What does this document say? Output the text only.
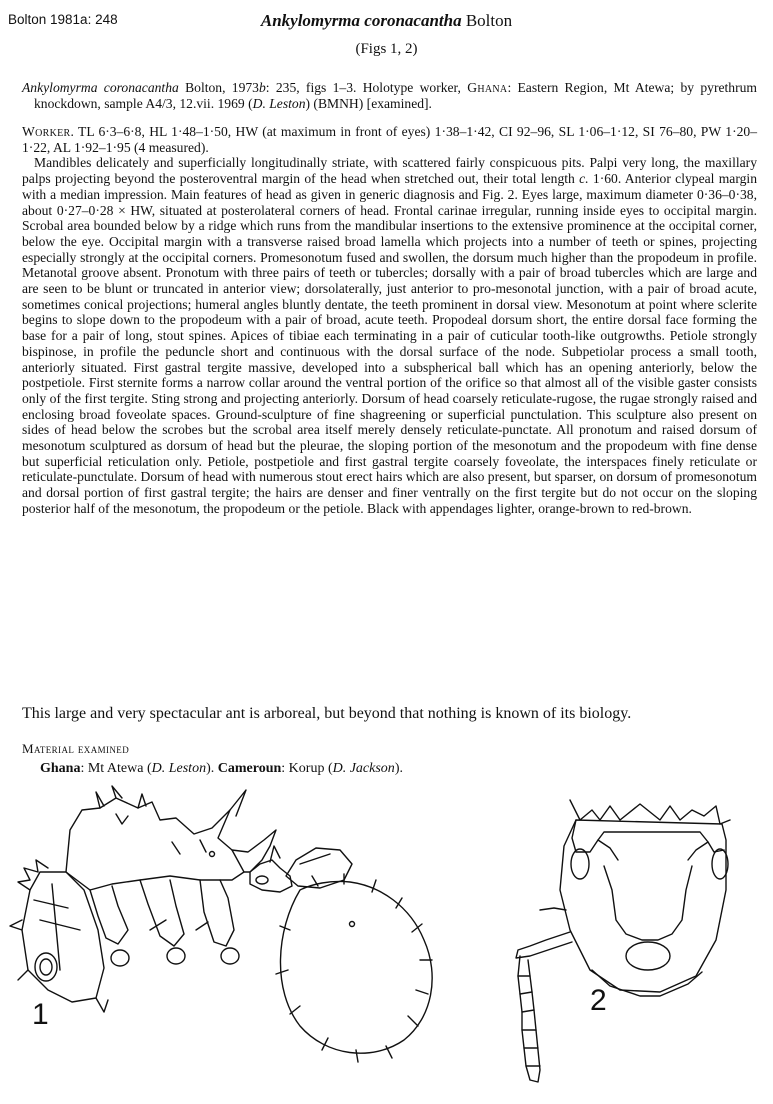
Bolton 1981a: 248	Ankylomyrma coronacantha Bolton
(Figs 1, 2)

Ankylomyrma coronacantha Bolton, 1973b: 235, figs 1–3. Holotype worker, Ghana: Eastern Region, Mt Atewa; by pyrethrum knockdown, sample A4/3, 12.vii. 1969 (D. Leston) (BMNH) [examined].

Worker. TL 6·3–6·8, HL 1·48–1·50, HW (at maximum in front of eyes) 1·38–1·42, CI 92–96, SL 1·06–1·12, SI 76–80, PW 1·20–1·22, AL 1·92–1·95 (4 measured).

Mandibles delicately and superficially longitudinally striate, with scattered fairly conspicuous pits. Palpi very long, the maxillary palps projecting beyond the posteroventral margin of the head when stretched out, their total length c. 1·60. Anterior clypeal margin with a median impression. Main features of head as given in generic diagnosis and Fig. 2. Eyes large, maximum diameter 0·36–0·38, about 0·27–0·28 × HW, situated at posterolateral corners of head. Frontal carinae irregular, running inside eyes to occipital margin. Scrobal area bounded below by a ridge which runs from the mandibular insertions to the extensive prominence at the occipital corner, below the eye. Occipital margin with a transverse raised broad lamella which projects into a number of teeth or spines, projecting especially strongly at the occipital corners. Promesonotum fused and swollen, the dorsum much higher than the propodeum in profile. Metanotal groove absent. Pronotum with three pairs of teeth or tubercles; dorsally with a pair of broad tubercles which are large and are seen to be blunt or truncated in anterior view; dorsolaterally, just anterior to pro-mesonotal junction, with a pair of broad acute, sometimes conical projections; humeral angles bluntly dentate, the teeth prominent in dorsal view. Mesonotum at point where sclerite begins to slope down to the propodeum with a pair of broad, acute teeth. Propodeal dorsum short, the entire dorsal face forming the base for a pair of long, stout spines. Apices of tibiae each terminating in a pair of cuticular tooth-like outgrowths. Petiole strongly bispinose, in profile the peduncle short and continuous with the dorsal surface of the node. Subpetiolar process a small tooth, anteriorly situated. First gastral tergite massive, developed into a subspherical ball which has an opening anteriorly, below the postpetiole. First sternite forms a narrow collar around the ventral portion of the orifice so that almost all of the visible gaster consists only of the first tergite. Sting strong and projecting anteriorly. Dorsum of head coarsely reticulate-rugose, the rugae strongly raised and enclosing broad foveolate spaces. Ground-sculpture of fine shagreening or superficial punctulation. This sculpture also present on sides of head below the scrobes but the scrobal area itself merely densely reticulate-punctate. All pronotum and raised dorsum of mesonotum sculptured as dorsum of head but the pleurae, the sloping portion of the mesonotum and the propodeum with fine dense but superficial reticulation only. Petiole, postpetiole and first gastral tergite coarsely foveolate, the interspaces finely reticulate or reticulate-punctulate. Dorsum of head with numerous stout erect hairs which are also present, but sparser, on dorsum of promesonotum and dorsal portion of first gastral tergite; the hairs are denser and finer ventrally on the first tergite but do not occur on the sloping posterior half of the mesonotum, the propodeum or the petiole. Black with appendages lighter, orange-brown to red-brown.

This large and very spectacular ant is arboreal, but beyond that nothing is known of its biology.
Material examined
Ghana: Mt Atewa (D. Leston). Cameroun: Korup (D. Jackson).
1	2
